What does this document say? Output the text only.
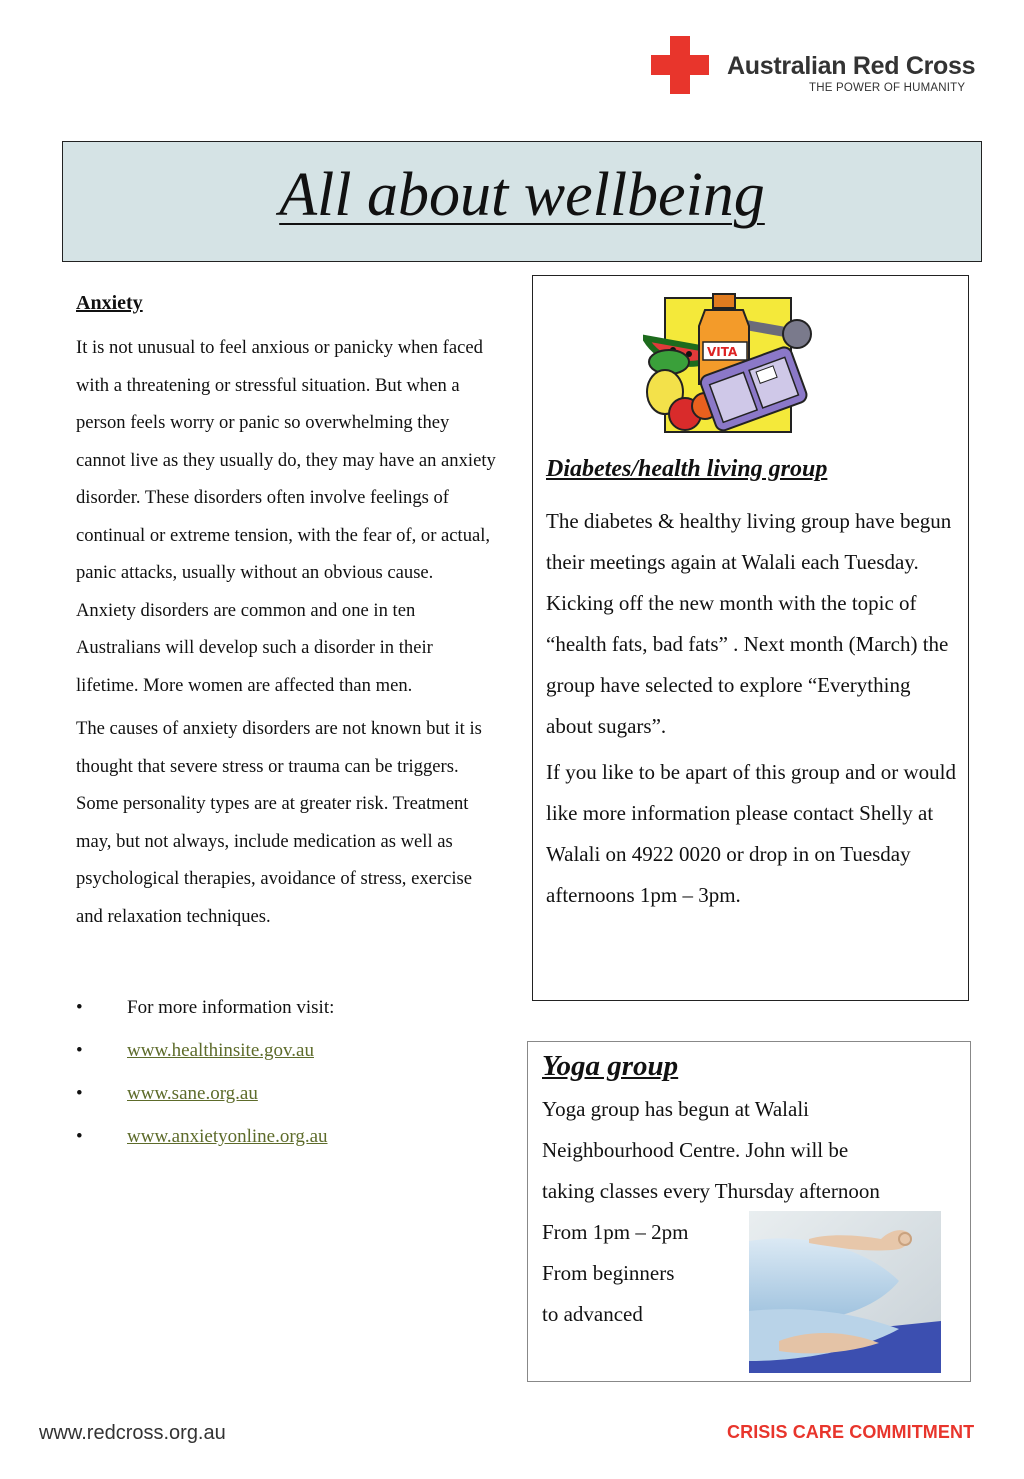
Australian Red Cross
THE POWER OF HUMANITY
All about wellbeing
Anxiety

It is not unusual to feel anxious or panicky when faced with a threatening or stressful situation. But when a person feels worry or panic so overwhelming they cannot live as they usually do, they may have an anxiety disorder. These disorders often involve feelings of continual or extreme tension, with the fear of, or actual, panic attacks, usually without an obvious cause. Anxiety disorders are common and one in ten Australians will develop such a disorder in their lifetime. More women are affected than men.

The causes of anxiety disorders are not known but it is thought that severe stress or trauma can be triggers. Some personality types are at greater risk. Treatment may, but not always, include medication as well as psychological therapies, avoidance of stress, exercise and relaxation techniques.

• For more information visit:
• www.healthinsite.gov.au
• www.sane.org.au
• www.anxietyonline.org.au
VITA
Diabetes/health living group

The diabetes & healthy living group have begun their meetings again at Walali each Tuesday. Kicking off the new month with the topic of “health fats, bad fats” . Next month (March) the group have selected to explore “Everything about sugars”.

If you like to be apart of this group and or would like more information please contact Shelly at Walali on 4922 0020 or drop in on Tuesday afternoons 1pm – 3pm.

Yoga group
Yoga group has begun at Walali
Neighbourhood Centre. John will be
taking classes every Thursday afternoon
From 1pm – 2pm
From beginners
to advanced
www.redcross.org.au	CRISIS CARE COMMITMENT
